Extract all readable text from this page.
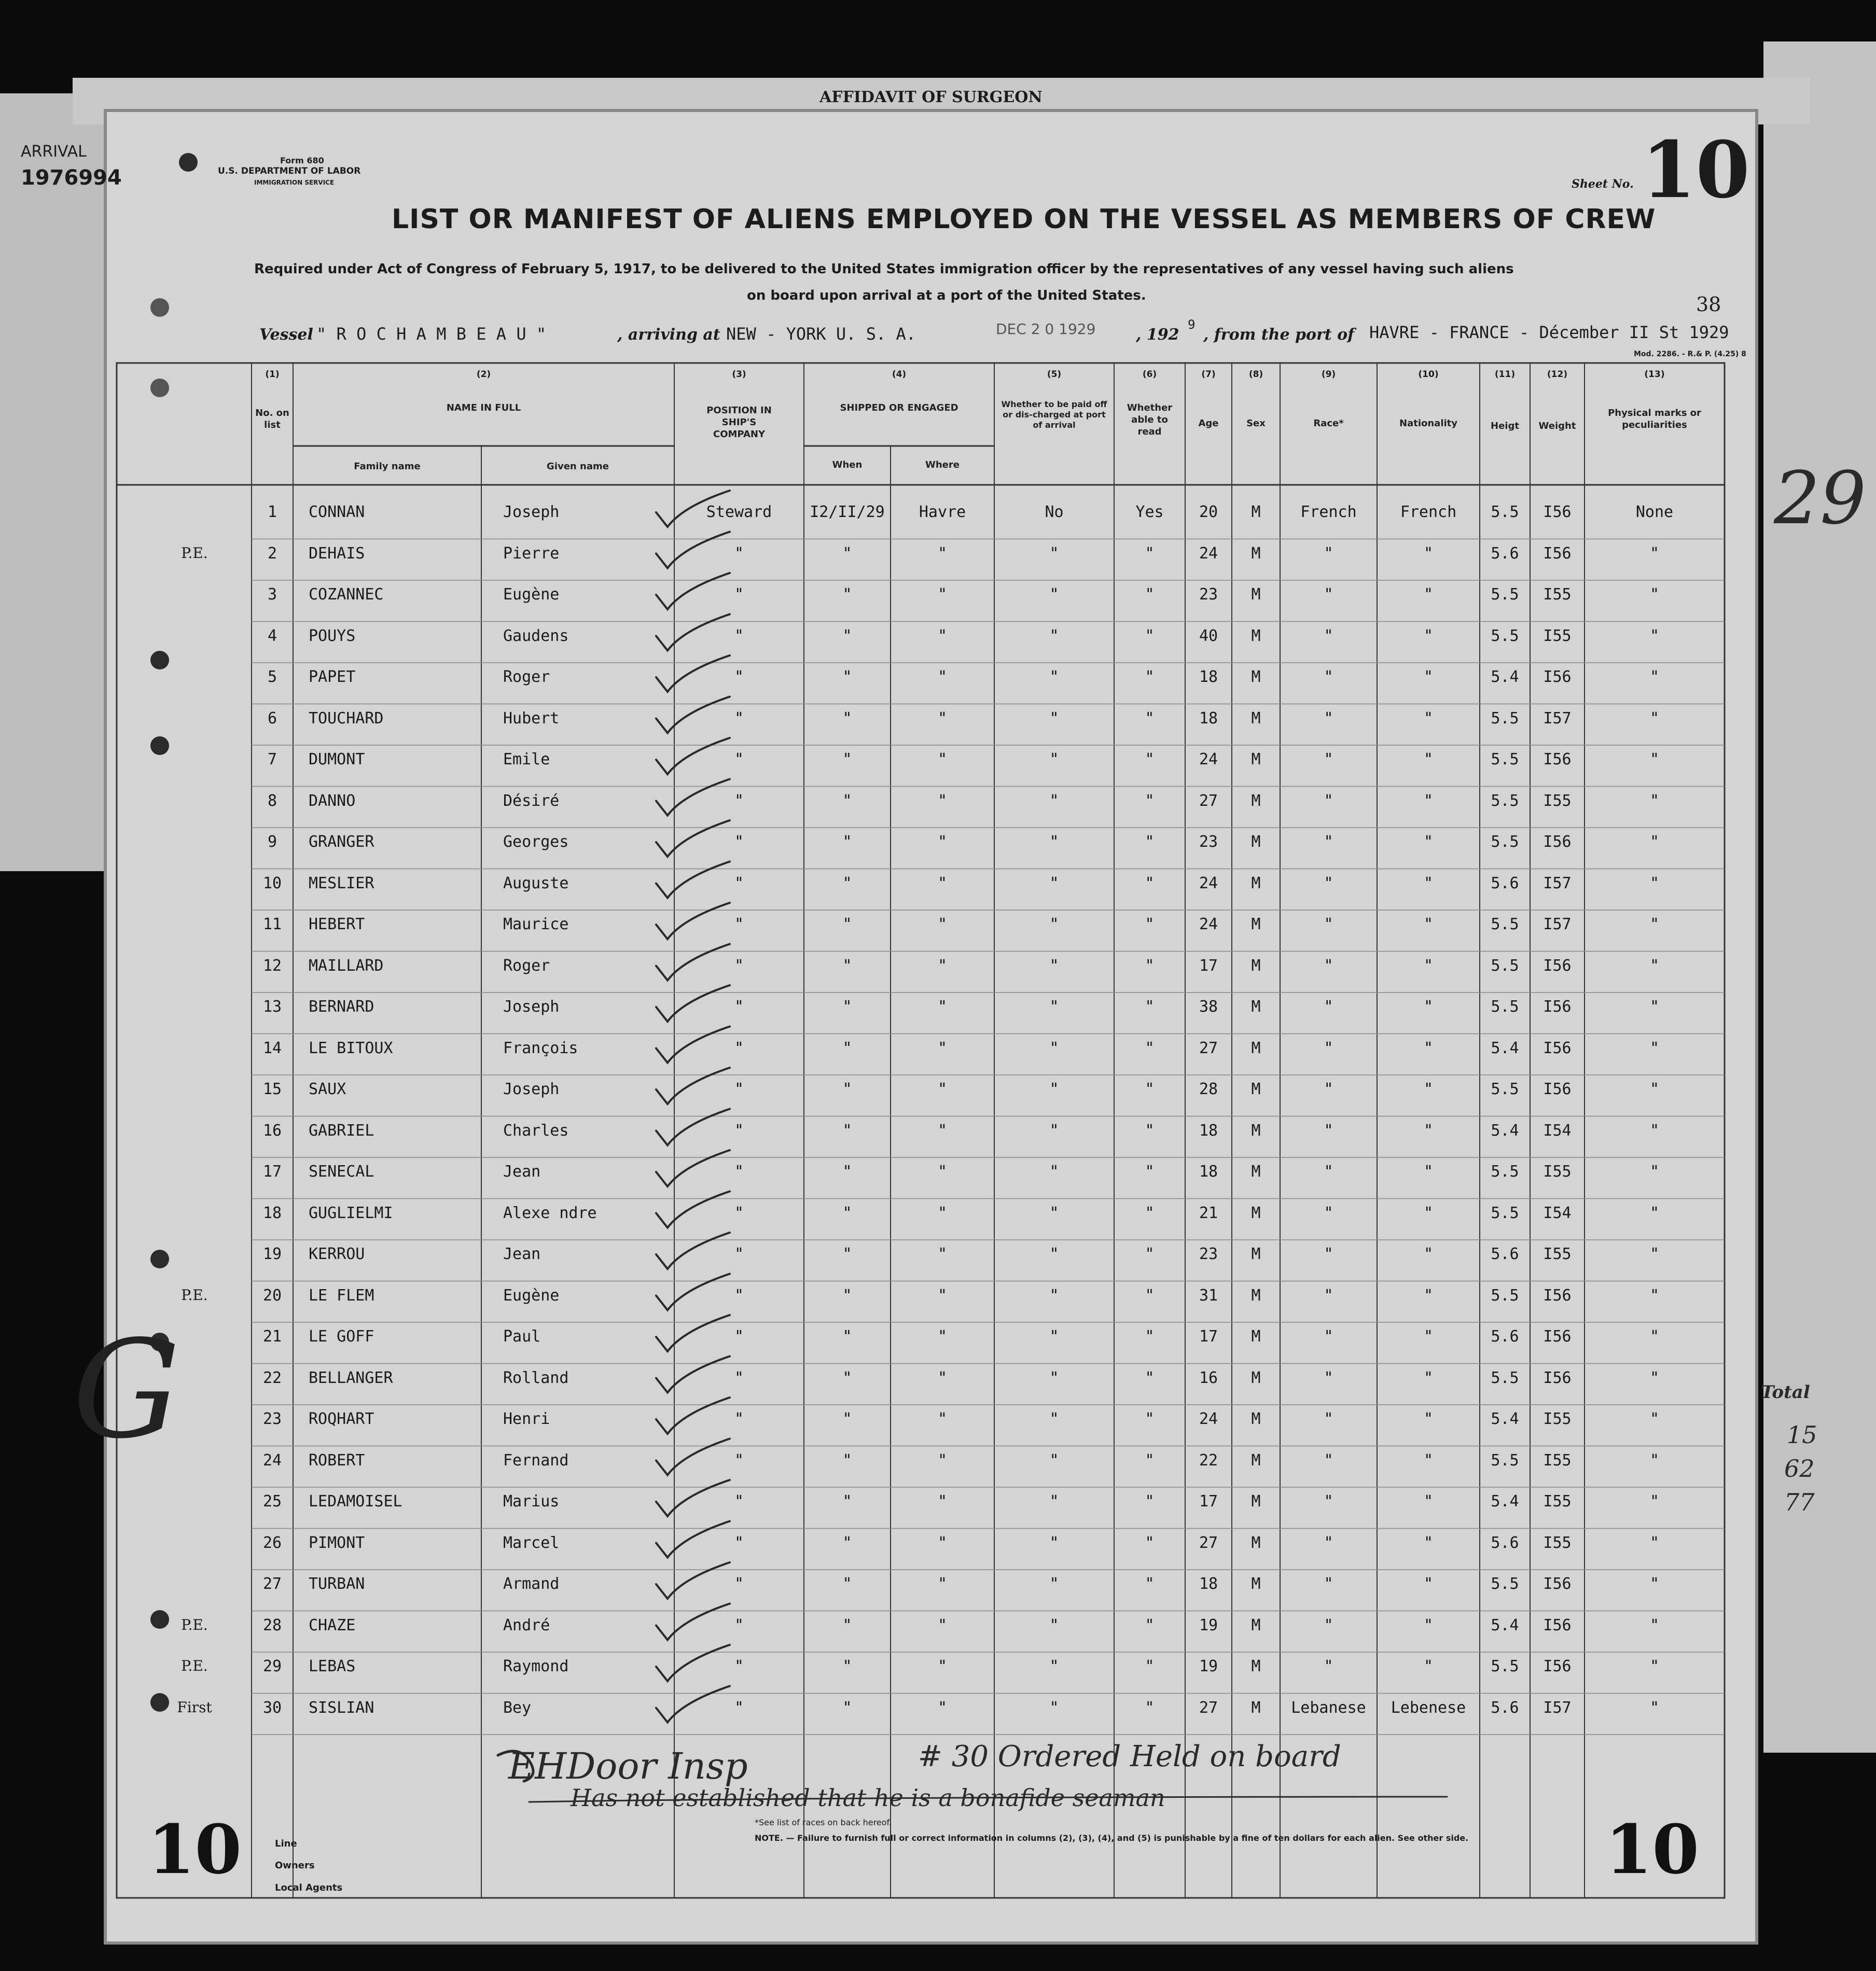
AFFIDAVIT OF SURGEON
ARRIVAL
1976994
Form 680
U.S. DEPARTMENT OF LABOR
IMMIGRATION SERVICE	Sheet No. 10
LIST OR MANIFEST OF ALIENS EMPLOYED ON THE VESSEL AS MEMBERS OF CREW
Required under Act of Congress of February 5, 1917, to be delivered to the United States immigration officer by the representatives of any vessel having such aliens
on board upon arrival at a port of the United States.	38
Vessel " R O C H A M B E A U "	, arriving at NEW - YORK U. S. A.	DEC 2 0 1929	, 192
9
, from the port of HAVRE - FRANCE - Décember II St 1929
Mod. 2286. - R.& P. (4.25) 8
(1)
No. on list
(2)
NAME IN FULL
Family name	Given name
(3)
POSITION IN SHIP'S COMPANY
(4)
SHIPPED OR ENGAGED
When	Where
(5)
Whether to be paid off or dis-charged at port of arrival
(6)
Whether able to read
(7)
Age
(8)
Sex
(9)
Race*
(10)
Nationality
(11)
Heigt
(12)
Weight
(13)
Physical marks or peculiarities
1	CONNAN	Joseph	Steward	I2/II/29	Havre	No	Yes	20	M	French	French	5.5	I56	None
P.E.	2	DEHAIS	Pierre	"	"	"	"	"	24	M	"	"	5.6	I56	"
3	COZANNEC	Eugène	"	"	"	"	"	23	M	"	"	5.5	I55	"
4	POUYS	Gaudens	"	"	"	"	"	40	M	"	"	5.5	I55	"
5	PAPET	Roger	"	"	"	"	"	18	M	"	"	5.4	I56	"
6	TOUCHARD	Hubert	"	"	"	"	"	18	M	"	"	5.5	I57	"
7	DUMONT	Emile	"	"	"	"	"	24	M	"	"	5.5	I56	"
8	DANNO	Désiré	"	"	"	"	"	27	M	"	"	5.5	I55	"
9	GRANGER	Georges	"	"	"	"	"	23	M	"	"	5.5	I56	"
10	MESLIER	Auguste	"	"	"	"	"	24	M	"	"	5.6	I57	"
11	HEBERT	Maurice	"	"	"	"	"	24	M	"	"	5.5	I57	"
12	MAILLARD	Roger	"	"	"	"	"	17	M	"	"	5.5	I56	"
13	BERNARD	Joseph	"	"	"	"	"	38	M	"	"	5.5	I56	"
14	LE BITOUX	François	"	"	"	"	"	27	M	"	"	5.4	I56	"
15	SAUX	Joseph	"	"	"	"	"	28	M	"	"	5.5	I56	"
16	GABRIEL	Charles	"	"	"	"	"	18	M	"	"	5.4	I54	"
17	SENECAL	Jean	"	"	"	"	"	18	M	"	"	5.5	I55	"
18	GUGLIELMI	Alexe ndre	"	"	"	"	"	21	M	"	"	5.5	I54	"
19	KERROU	Jean	"	"	"	"	"	23	M	"	"	5.6	I55	"
P.E.	20	LE FLEM	Eugène	"	"	"	"	"	31	M	"	"	5.5	I56	"
21	LE GOFF	Paul	"	"	"	"	"	17	M	"	"	5.6	I56	"
22	BELLANGER	Rolland	"	"	"	"	"	16	M	"	"	5.5	I56	"
23	ROQHART	Henri	"	"	"	"	"	24	M	"	"	5.4	I55	"
24	ROBERT	Fernand	"	"	"	"	"	22	M	"	"	5.5	I55	"
25	LEDAMOISEL	Marius	"	"	"	"	"	17	M	"	"	5.4	I55	"
26	PIMONT	Marcel	"	"	"	"	"	27	M	"	"	5.6	I55	"
27	TURBAN	Armand	"	"	"	"	"	18	M	"	"	5.5	I56	"
P.E.	28	CHAZE	André	"	"	"	"	"	19	M	"	"	5.4	I56	"
P.E.	29	LEBAS	Raymond	"	"	"	"	"	19	M	"	"	5.5	I56	"
First	30	SISLIAN	Bey	"	"	"	"	"	27	M	Lebanese	Lebenese	5.6	I57	"
G
29
EHDoor Insp	# 30 Ordered Held on board
Has not established that he is a bonafide seaman
Total
15
62
77
Line
Owners
Local Agents
*See list of races on back hereof.
NOTE. — Failure to furnish full or correct information in columns (2), (3), (4), and (5) is punishable by a fine of ten dollars for each alien. See other side.
10	10
